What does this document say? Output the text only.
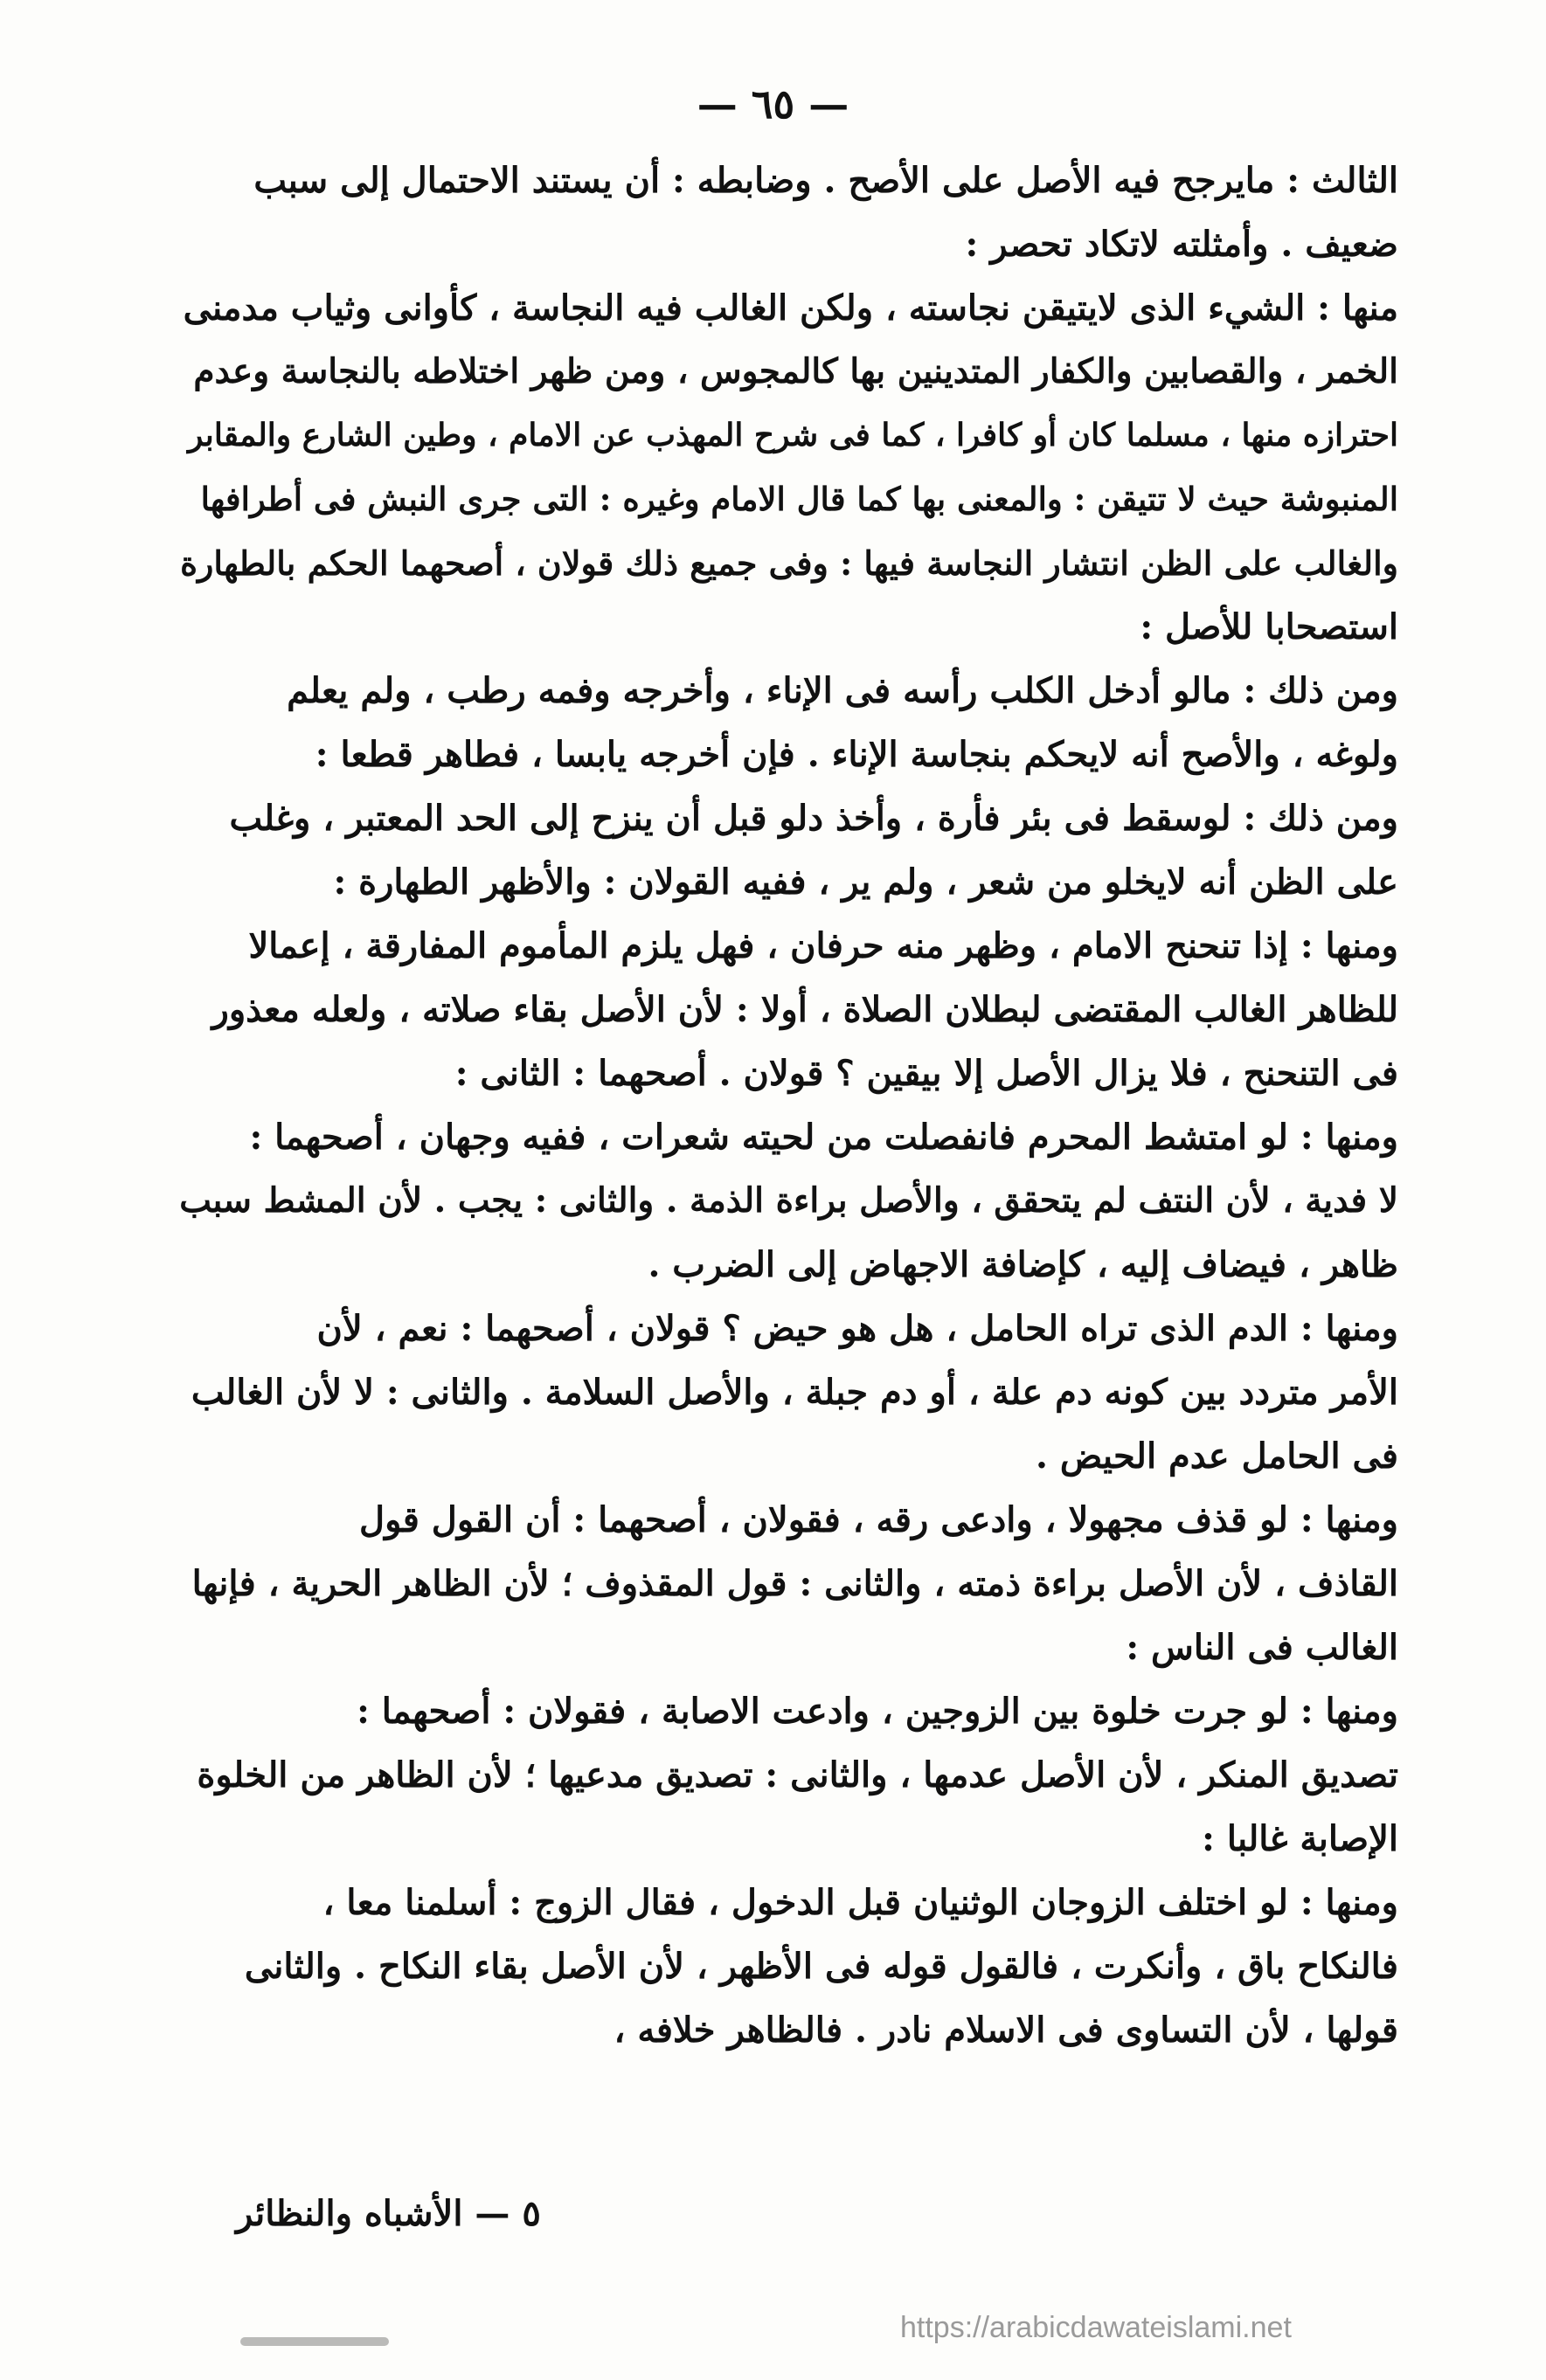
— ٦٥ —
الثالث : مايرجح فيه الأصل على الأصح . وضابطه : أن يستند الاحتمال إلى سبب
ضعيف . وأمثلته لاتكاد تحصر :
منها : الشيء الذى لايتيقن نجاسته ، ولكن الغالب فيه النجاسة ، كأوانى وثياب مدمنى
الخمر ، والقصابين والكفار المتدينين بها كالمجوس ، ومن ظهر اختلاطه بالنجاسة وعدم
احترازه منها ، مسلما كان أو كافرا ، كما فى شرح المهذب عن الامام ، وطين الشارع والمقابر
المنبوشة حيث لا تتيقن : والمعنى بها كما قال الامام وغيره : التى جرى النبش فى أطرافها
والغالب على الظن انتشار النجاسة فيها : وفى جميع ذلك قولان ، أصحهما الحكم بالطهارة
استصحابا للأصل :
ومن ذلك : مالو أدخل الكلب رأسه فى الإناء ، وأخرجه وفمه رطب ، ولم يعلم
ولوغه ، والأصح أنه لايحكم بنجاسة الإناء . فإن أخرجه يابسا ، فطاهر قطعا :
ومن ذلك : لوسقط فى بئر فأرة ، وأخذ دلو قبل أن ينزح إلى الحد المعتبر ، وغلب
على الظن أنه لايخلو من شعر ، ولم ير ، ففيه القولان : والأظهر الطهارة :
ومنها : إذا تنحنح الامام ، وظهر منه حرفان ، فهل يلزم المأموم المفارقة ، إعمالا
للظاهر الغالب المقتضى لبطلان الصلاة ، أولا : لأن الأصل بقاء صلاته ، ولعله معذور
فى التنحنح ، فلا يزال الأصل إلا بيقين ؟ قولان . أصحهما : الثانى :
ومنها : لو امتشط المحرم فانفصلت من لحيته شعرات ، ففيه وجهان ، أصحهما :
لا فدية ، لأن النتف لم يتحقق ، والأصل براءة الذمة . والثانى : يجب . لأن المشط سبب
ظاهر ، فيضاف إليه ، كإضافة الاجهاض إلى الضرب .
ومنها : الدم الذى تراه الحامل ، هل هو حيض ؟ قولان ، أصحهما : نعم ، لأن
الأمر متردد بين كونه دم علة ، أو دم جبلة ، والأصل السلامة . والثانى : لا لأن الغالب
فى الحامل عدم الحيض .
ومنها : لو قذف مجهولا ، وادعى رقه ، فقولان ، أصحهما : أن القول قول
القاذف ، لأن الأصل براءة ذمته ، والثانى : قول المقذوف ؛ لأن الظاهر الحرية ، فإنها
الغالب فى الناس :
ومنها : لو جرت خلوة بين الزوجين ، وادعت الاصابة ، فقولان : أصحهما :
تصديق المنكر ، لأن الأصل عدمها ، والثانى : تصديق مدعيها ؛ لأن الظاهر من الخلوة
الإصابة غالبا :
ومنها : لو اختلف الزوجان الوثنيان قبل الدخول ، فقال الزوج : أسلمنا معا ،
فالنكاح باق ، وأنكرت ، فالقول قوله فى الأظهر ، لأن الأصل بقاء النكاح . والثانى
قولها ، لأن التساوى فى الاسلام نادر . فالظاهر خلافه ،
٥ — الأشباه والنظائر
https://arabicdawateislami.net
